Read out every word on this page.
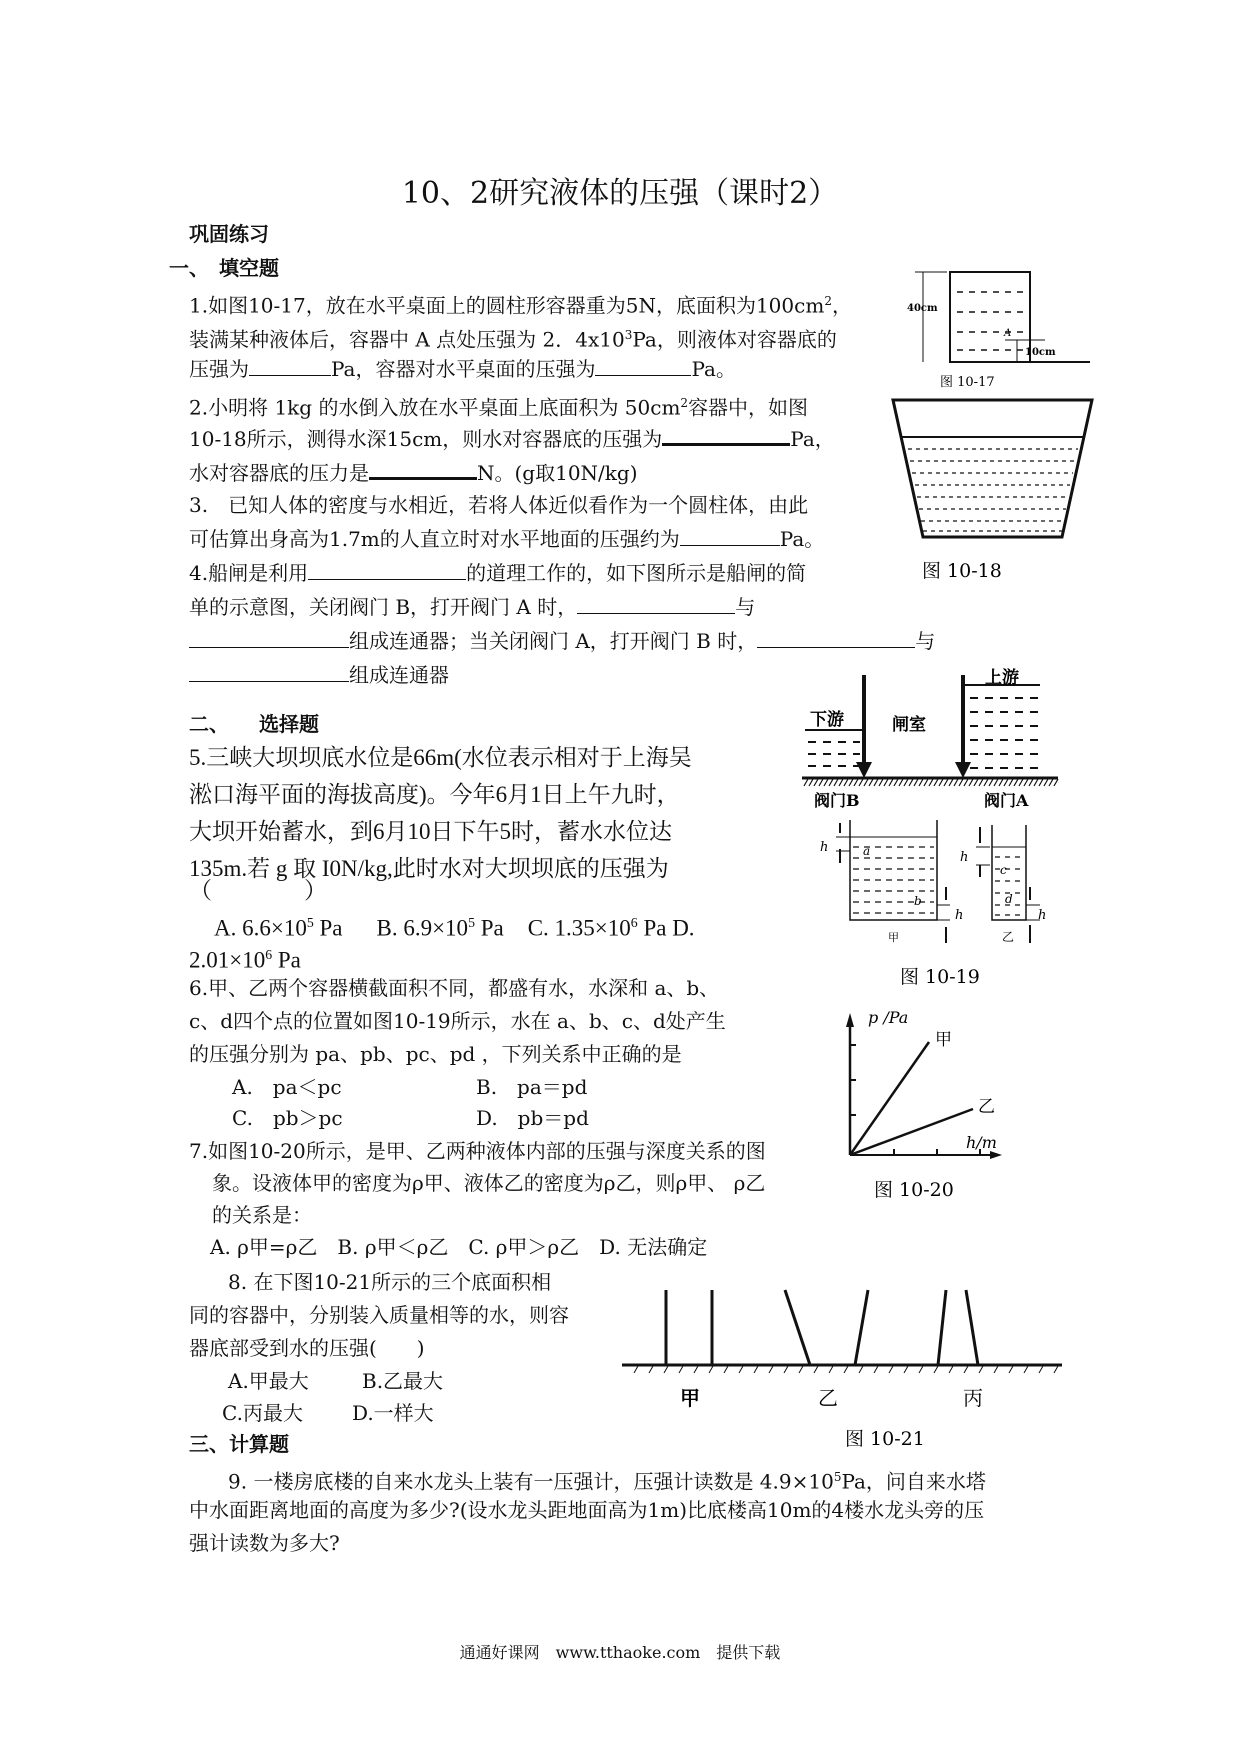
10、2研究液体的压强（课时2）
巩固练习
一、　填空题
1.如图10-17，放在水平桌面上的圆柱形容器重为5N，底面积为$100cm^2$，
装满某种液体后，容器中 A 点处压强为 2．$4x10^3Pa$，则液体对容器底的
压强为	Pa，容器对水平桌面的压强为	Pa。
2.小明将 1kg 的水倒入放在水平桌面上底面积为 $50cm^2$容器中，如图
10-18所示，测得水深15cm，则水对容器底的压强为	Pa，
水对容器底的压力是	N。(g取10N/kg)
3.　已知人体的密度与水相近，若将人体近似看作为一个圆柱体，由此
可估算出身高为1.7m的人直立时对水平地面的压强约为	Pa。
4.船闸是利用	的道理工作的，如下图所示是船闸的简
单的示意图，关闭阀门 B，打开阀门 A 时，	与
组成连通器；当关闭阀门 A，打开阀门 B 时，	与
组成连通器
二、　　选择题
5.三峡大坝坝底水位是66m(水位表示相对于上海吴
淞口海平面的海拔高度)。今年6月1日上午九时，
大坝开始蓄水，到6月10日下午5时，蓄水水位达
135m.若 g 取 I0N/kg,此时水对大坝坝底的压强为
（　　　　）
A. $6.6\times 10^5$ Pa B. $6.9\times 10^5$ Pa C. $1.35\times 10^6$ Pa D.
$2.01\times 10^6$ Pa
6.甲、乙两个容器横截面积不同，都盛有水，水深和 a、b、
c、d四个点的位置如图10-19所示，水在 a、b、c、d处产生
的压强分别为 pa、pb、pc、pd ，下列关系中正确的是
A.　pa＜pc	B.　pa＝pd
C.　pb＞pc	D.　pb＝pd
7.如图10-20所示，是甲、乙两种液体内部的压强与深度关系的图
象。设液体甲的密度为ρ甲、液体乙的密度为ρ乙，则ρ甲、 ρ乙
的关系是：
A. ρ甲=ρ乙　B. ρ甲＜ρ乙　C. ρ甲＞ρ乙　D. 无法确定
8. 在下图10-21所示的三个底面积相
同的容器中，分别装入质量相等的水，则容
器底部受到水的压强(　　)
A.甲最大	B.乙最大
C.丙最大 D.一样大
三、计算题
9. 一楼房底楼的自来水龙头上装有一压强计，压强计读数是 $4.9\times 10^5Pa$，问自来水塔
中水面距离地面的高度为多少?(设水龙头距地面高为1m)比底楼高10m的4楼水龙头旁的压
强计读数为多大?
40cm
A
10cm
图 10-17
图 10-18
下游
上游
闸室
阀门B	阀门A
h	a
b
h
h
c
d
h
甲	乙
图 10-19
p /Pa
甲
乙
h/m
图 10-20
甲	乙	丙
图 10-21
通通好课网　www.tthaoke.com　提供下载
